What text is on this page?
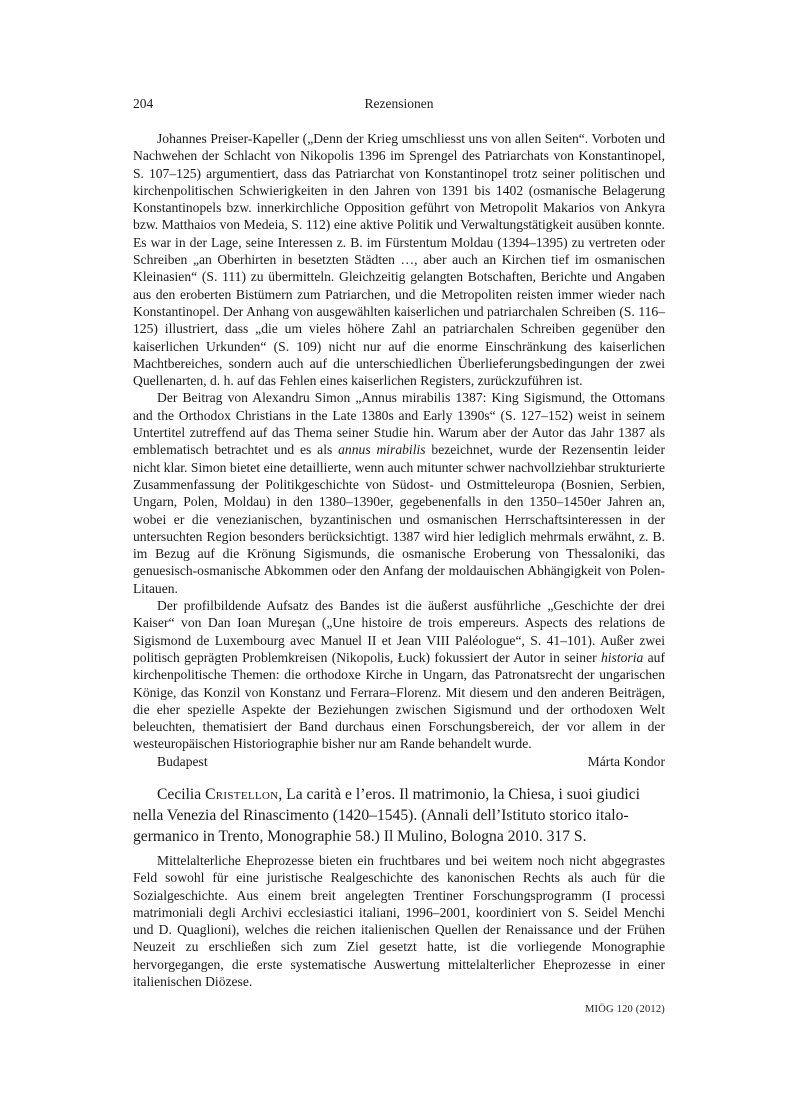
204	Rezensionen

Johannes Preiser-Kapeller („Denn der Krieg umschliesst uns von allen Seiten“. Vorboten und Nachwehen der Schlacht von Nikopolis 1396 im Sprengel des Patriarchats von Konstantinopel, S. 107–125) argumentiert, dass das Patriarchat von Konstantinopel trotz seiner politischen und kirchenpolitischen Schwierigkeiten in den Jahren von 1391 bis 1402 (osmanische Belagerung Konstantinopels bzw. innerkirchliche Opposition geführt von Metropolit Makarios von Ankyra bzw. Matthaios von Medeia, S. 112) eine aktive Politik und Verwaltungstätigkeit ausüben konnte. Es war in der Lage, seine Interessen z. B. im Fürstentum Moldau (1394–1395) zu vertreten oder Schreiben „an Oberhirten in besetzten Städten …, aber auch an Kirchen tief im osmanischen Kleinasien“ (S. 111) zu übermitteln. Gleichzeitig gelangten Botschaften, Berichte und Angaben aus den eroberten Bistümern zum Patriarchen, und die Metropoliten reisten immer wieder nach Konstantinopel. Der Anhang von ausgewählten kaiserlichen und patriarchalen Schreiben (S. 116–125) illustriert, dass „die um vieles höhere Zahl an patriarchalen Schreiben gegenüber den kaiserlichen Urkunden“ (S. 109) nicht nur auf die enorme Einschränkung des kaiserlichen Machtbereiches, sondern auch auf die unterschiedlichen Überlieferungsbedingungen der zwei Quellenarten, d. h. auf das Fehlen eines kaiserlichen Registers, zurückzuführen ist.

Der Beitrag von Alexandru Simon „Annus mirabilis 1387: King Sigismund, the Ottomans and the Orthodox Christians in the Late 1380s and Early 1390s“ (S. 127–152) weist in seinem Untertitel zutreffend auf das Thema seiner Studie hin. Warum aber der Autor das Jahr 1387 als emblematisch betrachtet und es als annus mirabilis bezeichnet, wurde der Rezensentin leider nicht klar. Simon bietet eine detaillierte, wenn auch mitunter schwer nachvollziehbar strukturierte Zusammenfassung der Politikgeschichte von Südost- und Ostmitteleuropa (Bosnien, Serbien, Ungarn, Polen, Moldau) in den 1380–1390er, gegebenenfalls in den 1350–1450er Jahren an, wobei er die venezianischen, byzantinischen und osmanischen Herrschaftsinteressen in der untersuchten Region besonders berücksichtigt. 1387 wird hier lediglich mehrmals erwähnt, z. B. im Bezug auf die Krönung Sigismunds, die osmanische Eroberung von Thessaloniki, das genuesisch-osmanische Abkommen oder den Anfang der moldauischen Abhängigkeit von Polen-Litauen.

Der profilbildende Aufsatz des Bandes ist die äußerst ausführliche „Geschichte der drei Kaiser“ von Dan Ioan Mureşan („Une histoire de trois empereurs. Aspects des relations de Sigismond de Luxembourg avec Manuel II et Jean VIII Paléologue“, S. 41–101). Außer zwei politisch geprägten Problemkreisen (Nikopolis, Łuck) fokussiert der Autor in seiner historia auf kirchenpolitische Themen: die orthodoxe Kirche in Ungarn, das Patronatsrecht der ungarischen Könige, das Konzil von Konstanz und Ferrara–Florenz. Mit diesem und den anderen Beiträgen, die eher spezielle Aspekte der Beziehungen zwischen Sigismund und der orthodoxen Welt beleuchten, thematisiert der Band durchaus einen Forschungsbereich, der vor allem in der westeuropäischen Historiographie bisher nur am Rande behandelt wurde.

Budapest	Márta Kondor

Cecilia Cristellon, La carità e l’eros. Il matrimonio, la Chiesa, i suoi giudici nella Venezia del Rinascimento (1420–1545). (Annali dell’Istituto storico italo-germanico in Trento, Monographie 58.) Il Mulino, Bologna 2010. 317 S.

Mittelalterliche Eheprozesse bieten ein fruchtbares und bei weitem noch nicht abgegrastes Feld sowohl für eine juristische Realgeschichte des kanonischen Rechts als auch für die Sozialgeschichte. Aus einem breit angelegten Trentiner Forschungsprogramm (I processi matrimoniali degli Archivi ecclesiastici italiani, 1996–2001, koordiniert von S. Seidel Menchi und D. Quaglioni), welches die reichen italienischen Quellen der Renaissance und der Frühen Neuzeit zu erschließen sich zum Ziel gesetzt hatte, ist die vorliegende Monographie hervorgegangen, die erste systematische Auswertung mittelalterlicher Eheprozesse in einer italienischen Diözese.

MIÖG 120 (2012)
